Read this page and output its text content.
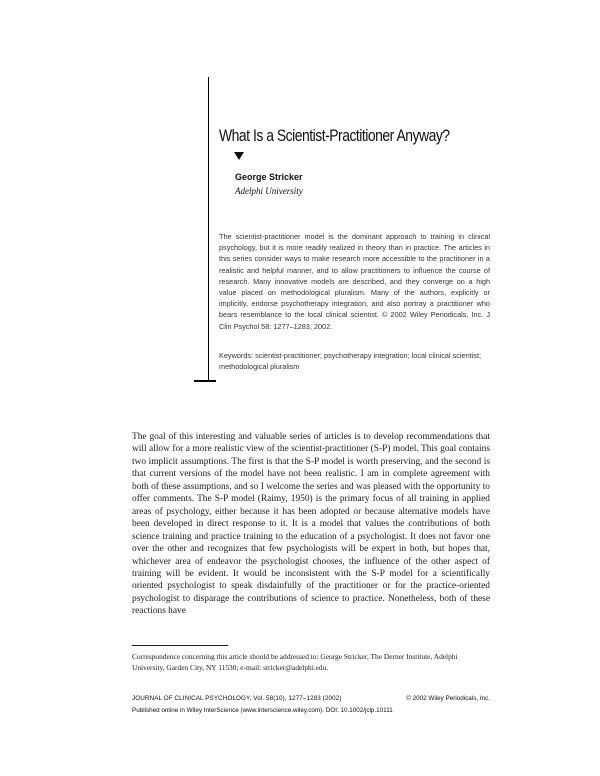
What Is a Scientist-Practitioner Anyway?
George Stricker
Adelphi University

The scientist-practitioner model is the dominant approach to training in clinical psychology, but it is more readily realized in theory than in practice. The articles in this series consider ways to make research more accessible to the practitioner in a realistic and helpful manner, and to allow practitioners to influence the course of research. Many innovative models are described, and they converge on a high value placed on methodological pluralism. Many of the authors, explicitly or implicitly, endorse psychotherapy integration, and also portray a practitioner who bears resemblance to the local clinical scientist. © 2002 Wiley Periodicals, Inc. J Clin Psychol 58: 1277–1283, 2002.

Keywords: scientist-practitioner; psychotherapy integration; local clinical scientist; methodological pluralism

The goal of this interesting and valuable series of articles is to develop recommendations that will allow for a more realistic view of the scientist-practitioner (S-P) model. This goal contains two implicit assumptions. The first is that the S-P model is worth preserving, and the second is that current versions of the model have not been realistic. I am in complete agreement with both of these assumptions, and so I welcome the series and was pleased with the opportunity to offer comments. The S-P model (Raimy, 1950) is the primary focus of all training in applied areas of psychology, either because it has been adopted or because alternative models have been developed in direct response to it. It is a model that values the contributions of both science training and practice training to the education of a psychologist. It does not favor one over the other and recognizes that few psychologists will be expert in both, but hopes that, whichever area of endeavor the psychologist chooses, the influence of the other aspect of training will be evident. It would be inconsistent with the S-P model for a scientifically oriented psychologist to speak disdainfully of the practitioner or for the practice-oriented psychologist to disparage the contributions of science to practice. Nonetheless, both of these reactions have

Correspondence concerning this article should be addressed to: George Stricker, The Derner Institute, Adelphi University, Garden City, NY 11530; e-mail: stricker@adelphi.edu.

JOURNAL OF CLINICAL PSYCHOLOGY, Vol. 58(10), 1277–1283 (2002)	© 2002 Wiley Periodicals, Inc.
Published online in Wiley InterScience (www.interscience.wiley.com). DOI: 10.1002/jclp.10111
